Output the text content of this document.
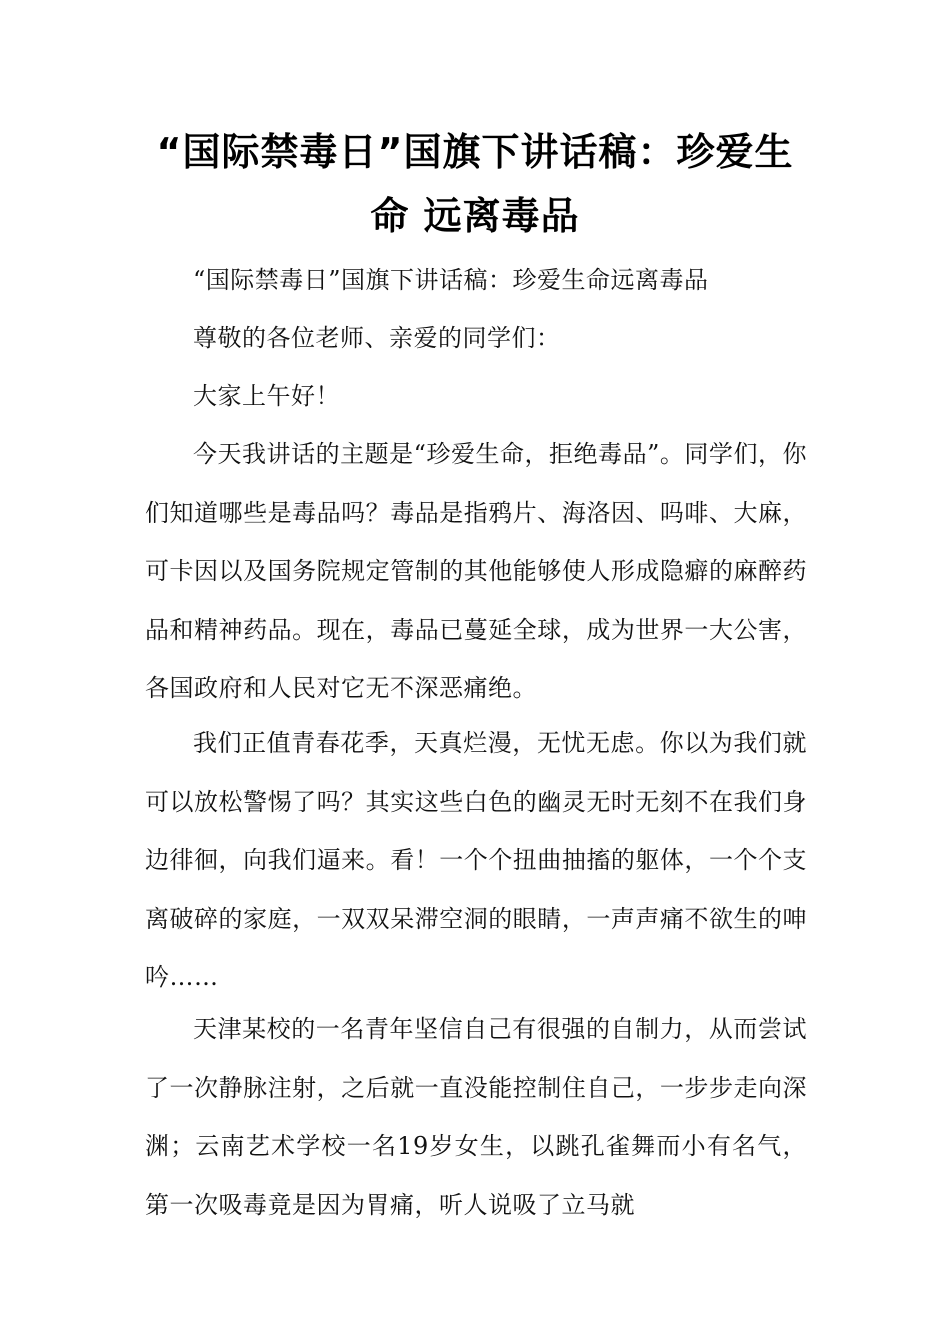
“国际禁毒日”国旗下讲话稿：珍爱生命 远离毒品

“国际禁毒日”国旗下讲话稿：珍爱生命远离毒品

尊敬的各位老师、亲爱的同学们：

大家上午好！

今天我讲话的主题是“珍爱生命，拒绝毒品”。同学们，你们知道哪些是毒品吗？毒品是指鸦片、海洛因、吗啡、大麻，可卡因以及国务院规定管制的其他能够使人形成隐癖的麻醉药品和精神药品。现在，毒品已蔓延全球，成为世界一大公害，各国政府和人民对它无不深恶痛绝。

我们正值青春花季，天真烂漫，无忧无虑。你以为我们就可以放松警惕了吗？其实这些白色的幽灵无时无刻不在我们身边徘徊，向我们逼来。看！一个个扭曲抽搐的躯体，一个个支离破碎的家庭，一双双呆滞空洞的眼睛，一声声痛不欲生的呻吟……

天津某校的一名青年坚信自己有很强的自制力，从而尝试了一次静脉注射，之后就一直没能控制住自己，一步步走向深渊；云南艺术学校一名19岁女生，以跳孔雀舞而小有名气，第一次吸毒竟是因为胃痛，听人说吸了立马就
